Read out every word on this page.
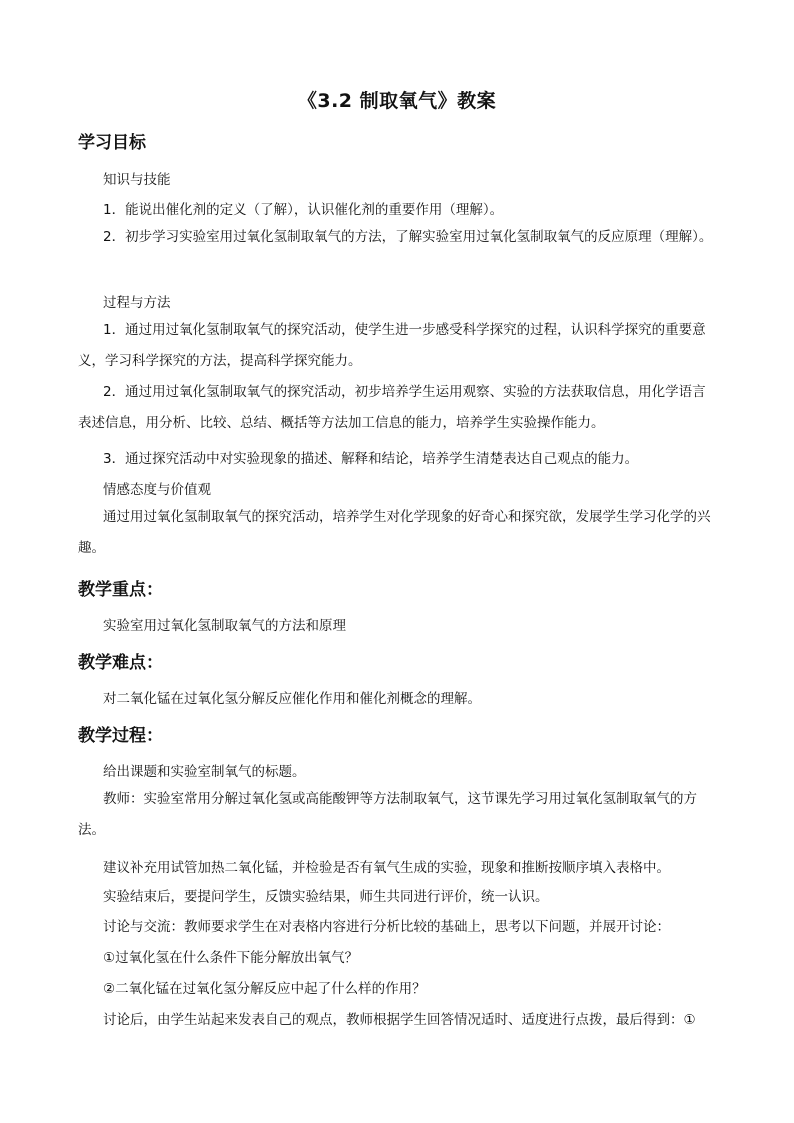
《3.2 制取氧气》教案
学习目标
知识与技能
1．能说出催化剂的定义（了解），认识催化剂的重要作用（理解）。
2．初步学习实验室用过氧化氢制取氧气的方法，了解实验室用过氧化氢制取氧气的反应原理（理解）。
过程与方法
1．通过用过氧化氢制取氧气的探究活动，使学生进一步感受科学探究的过程，认识科学探究的重要意义，学习科学探究的方法，提高科学探究能力。
2．通过用过氧化氢制取氧气的探究活动，初步培养学生运用观察、实验的方法获取信息，用化学语言表述信息，用分析、比较、总结、概括等方法加工信息的能力，培养学生实验操作能力。
3．通过探究活动中对实验现象的描述、解释和结论，培养学生清楚表达自己观点的能力。
情感态度与价值观
通过用过氧化氢制取氧气的探究活动，培养学生对化学现象的好奇心和探究欲，发展学生学习化学的兴趣。
教学重点：
实验室用过氧化氢制取氧气的方法和原理
教学难点：
对二氧化锰在过氧化氢分解反应催化作用和催化剂概念的理解。
教学过程：
给出课题和实验室制氧气的标题。
教师：实验室常用分解过氧化氢或高能酸钾等方法制取氧气，这节课先学习用过氧化氢制取氧气的方法。
建议补充用试管加热二氧化锰，并检验是否有氧气生成的实验，现象和推断按顺序填入表格中。
实验结束后，要提问学生，反馈实验结果，师生共同进行评价，统一认识。
讨论与交流：教师要求学生在对表格内容进行分析比较的基础上，思考以下问题，并展开讨论：
①过氧化氢在什么条件下能分解放出氧气？
②二氧化锰在过氧化氢分解反应中起了什么样的作用？
讨论后，由学生站起来发表自己的观点，教师根据学生回答情况适时、适度进行点拨，最后得到：①
